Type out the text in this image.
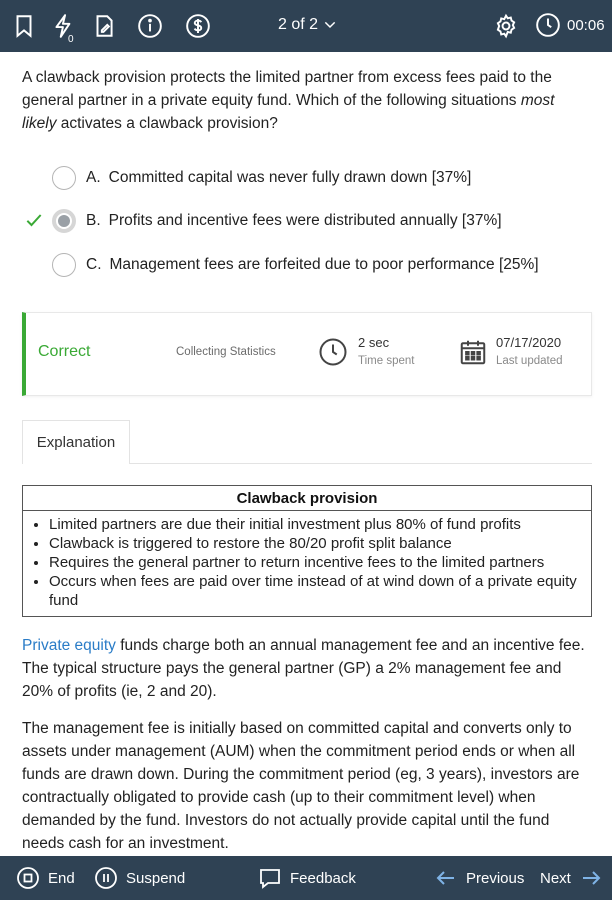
0
2 of 2	00:06
A clawback provision protects the limited partner from excess fees paid to the general partner in a private equity fund. Which of the following situations most likely activates a clawback provision?
A. Committed capital was never fully drawn down [37%]
B. Profits and incentive fees were distributed annually [37%]
C. Management fees are forfeited due to poor performance [25%]
Correct	Collecting Statistics
2 sec
Time spent
07/17/2020
Last updated
Explanation
Clawback provision
• Limited partners are due their initial investment plus 80% of fund profits
• Clawback is triggered to restore the 80/20 profit split balance
• Requires the general partner to return incentive fees to the limited partners
• Occurs when fees are paid over time instead of at wind down of a private equity fund
Private equity funds charge both an annual management fee and an incentive fee. The typical structure pays the general partner (GP) a 2% management fee and 20% of profits (ie, 2 and 20).
The management fee is initially based on committed capital and converts only to assets under management (AUM) when the commitment period ends or when all funds are drawn down. During the commitment period (eg, 3 years), investors are contractually obligated to provide cash (up to their commitment level) when demanded by the fund. Investors do not actually provide capital until the fund needs cash for an investment.
End	Suspend	Feedback	Previous Next
